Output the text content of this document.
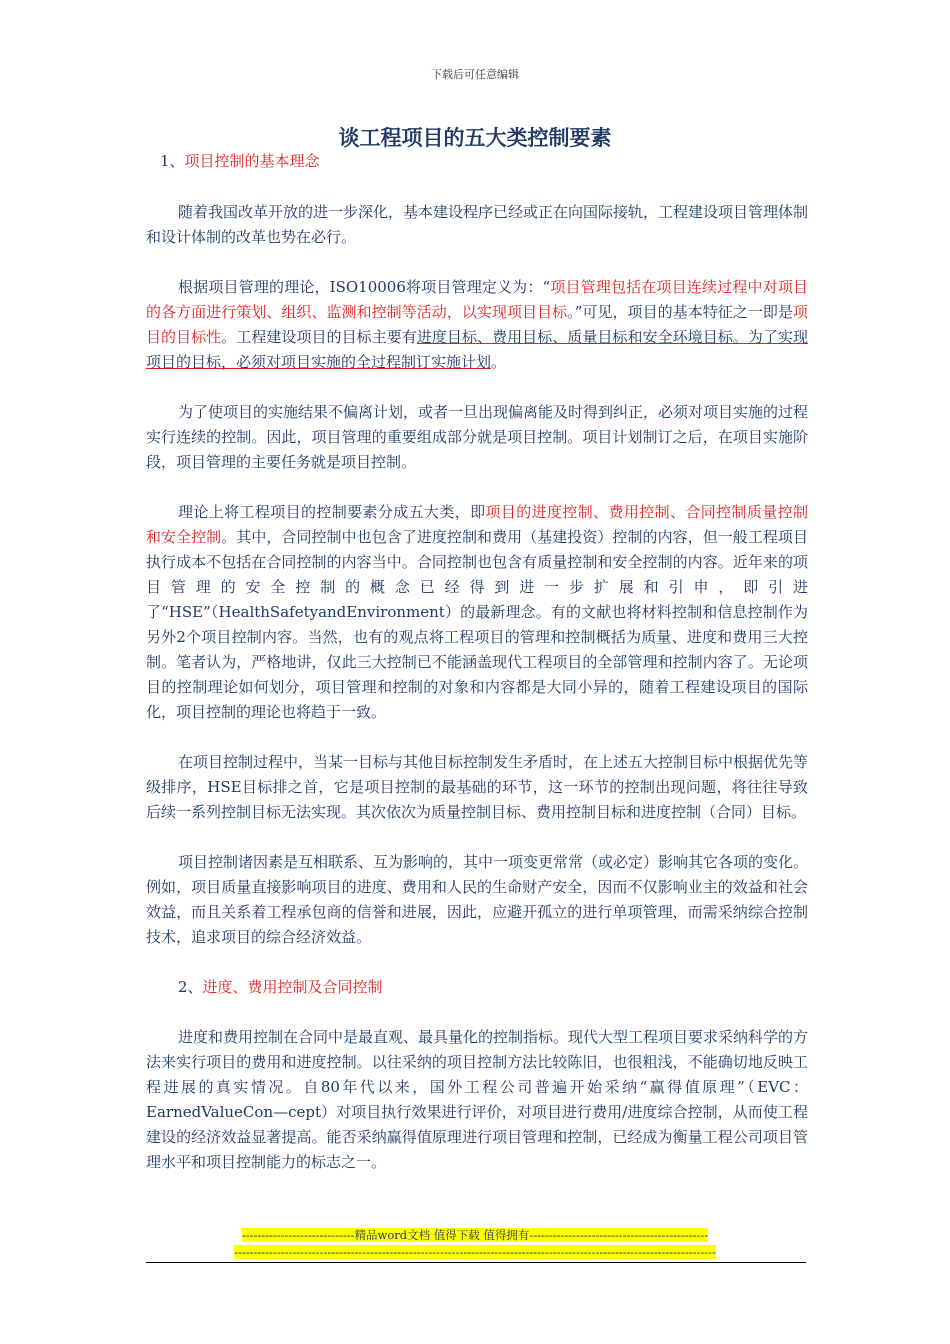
下载后可任意编辑
谈工程项目的五大类控制要素
1、项目控制的基本理念

随着我国改革开放的进一步深化，基本建设程序已经或正在向国际接轨，工程建设项目管理体制和设计体制的改革也势在必行。

根据项目管理的理论，ISO10006将项目管理定义为：“项目管理包括在项目连续过程中对项目的各方面进行策划、组织、监测和控制等活动，以实现项目目标。”可见，项目的基本特征之一即是项目的目标性。工程建设项目的目标主要有进度目标、费用目标、质量目标和安全环境目标。为了实现项目的目标，必须对项目实施的全过程制订实施计划。

为了使项目的实施结果不偏离计划，或者一旦出现偏离能及时得到纠正，必须对项目实施的过程实行连续的控制。因此，项目管理的重要组成部分就是项目控制。项目计划制订之后，在项目实施阶段，项目管理的主要任务就是项目控制。

理论上将工程项目的控制要素分成五大类，即项目的进度控制、费用控制、合同控制质量控制和安全控制。其中，合同控制中也包含了进度控制和费用（基建投资）控制的内容，但一般工程项目执行成本不包括在合同控制的内容当中。合同控制也包含有质量控制和安全控制的内容。近年来的项目管理的安全控制的概念已经得到进一步扩展和引申，即引进了“HSE”（HealthSafetyandEnvironment）的最新理念。有的文献也将材料控制和信息控制作为另外2个项目控制内容。当然，也有的观点将工程项目的管理和控制概括为质量、进度和费用三大控制。笔者认为，严格地讲，仅此三大控制已不能涵盖现代工程项目的全部管理和控制内容了。无论项目的控制理论如何划分，项目管理和控制的对象和内容都是大同小异的，随着工程建设项目的国际化，项目控制的理论也将趋于一致。

在项目控制过程中，当某一目标与其他目标控制发生矛盾时，在上述五大控制目标中根据优先等级排序，HSE目标排之首，它是项目控制的最基础的环节，这一环节的控制出现问题，将往往导致后续一系列控制目标无法实现。其次依次为质量控制目标、费用控制目标和进度控制（合同）目标。

项目控制诸因素是互相联系、互为影响的，其中一项变更常常（或必定）影响其它各项的变化。例如，项目质量直接影响项目的进度、费用和人民的生命财产安全，因而不仅影响业主的效益和社会效益，而且关系着工程承包商的信誉和进展，因此，应避开孤立的进行单项管理，而需采纳综合控制技术，追求项目的综合经济效益。

2、进度、费用控制及合同控制

进度和费用控制在合同中是最直观、最具量化的控制指标。现代大型工程项目要求采纳科学的方法来实行项目的费用和进度控制。以往采纳的项目控制方法比较陈旧，也很粗浅，不能确切地反映工程进展的真实情况。自80年代以来，国外工程公司普遍开始采纳“赢得值原理”（EVC：EarnedValueCon—cept）对项目执行效果进行评价，对项目进行费用/进度综合控制，从而使工程建设的经济效益显著提高。能否采纳赢得值原理进行项目管理和控制，已经成为衡量工程公司项目管理水平和项目控制能力的标志之一。

-----------------------------精品word文档 值得下载 值得拥有----------------------------------------------
----------------------------------------------------------------------------------------------------------------------------
